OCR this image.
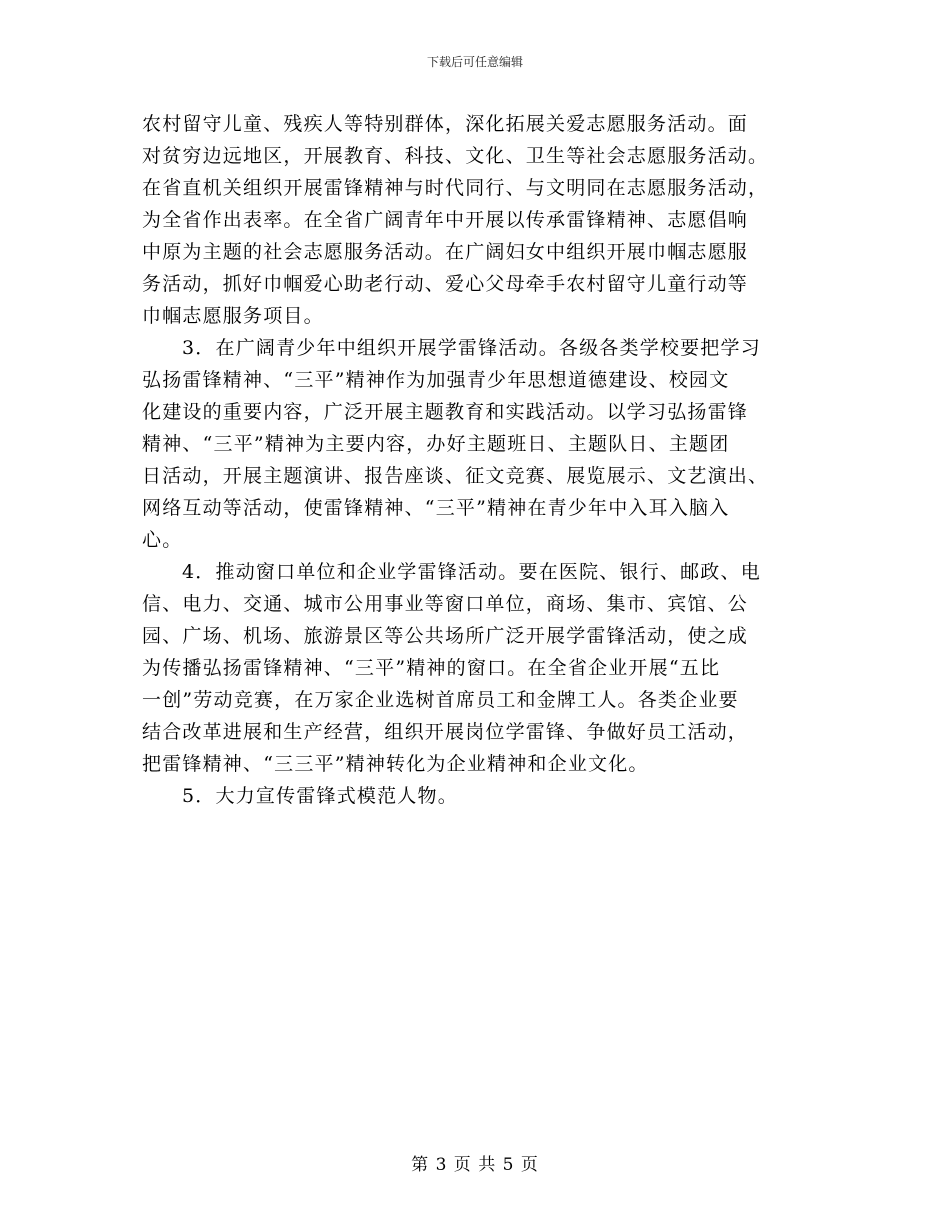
下载后可任意编辑

农村留守儿童、残疾人等特别群体，深化拓展关爱志愿服务活动。面
对贫穷边远地区，开展教育、科技、文化、卫生等社会志愿服务活动。
在省直机关组织开展雷锋精神与时代同行、与文明同在志愿服务活动，
为全省作出表率。在全省广阔青年中开展以传承雷锋精神、志愿倡响
中原为主题的社会志愿服务活动。在广阔妇女中组织开展巾帼志愿服
务活动，抓好巾帼爱心助老行动、爱心父母牵手农村留守儿童行动等
巾帼志愿服务项目。

3．在广阔青少年中组织开展学雷锋活动。各级各类学校要把学习
弘扬雷锋精神、“三平”精神作为加强青少年思想道德建设、校园文
化建设的重要内容，广泛开展主题教育和实践活动。以学习弘扬雷锋
精神、“三平”精神为主要内容，办好主题班日、主题队日、主题团
日活动，开展主题演讲、报告座谈、征文竞赛、展览展示、文艺演出、
网络互动等活动，使雷锋精神、“三平”精神在青少年中入耳入脑入
心。

4．推动窗口单位和企业学雷锋活动。要在医院、银行、邮政、电
信、电力、交通、城市公用事业等窗口单位，商场、集市、宾馆、公
园、广场、机场、旅游景区等公共场所广泛开展学雷锋活动，使之成
为传播弘扬雷锋精神、“三平”精神的窗口。在全省企业开展“五比
一创”劳动竞赛，在万家企业选树首席员工和金牌工人。各类企业要
结合改革进展和生产经营，组织开展岗位学雷锋、争做好员工活动，
把雷锋精神、“三三平”精神转化为企业精神和企业文化。

5．大力宣传雷锋式模范人物。

第 3 页 共 5 页
